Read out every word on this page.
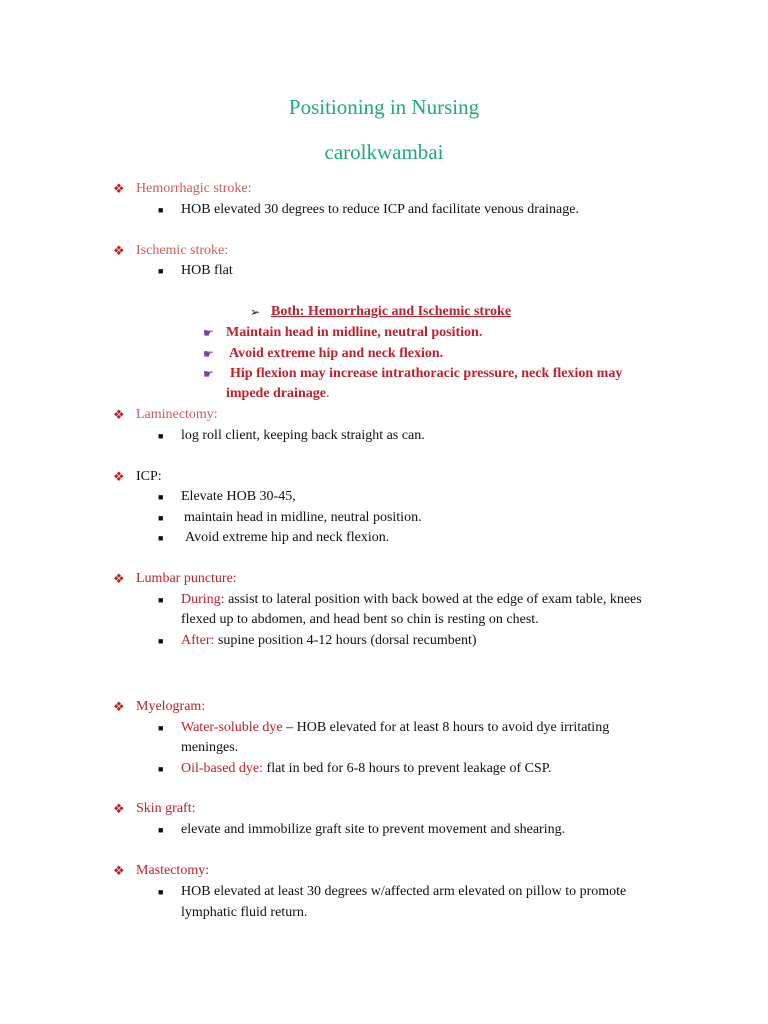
Positioning in Nursing
carolkwambai
❖ Hemorrhagic stroke:
■ HOB elevated 30 degrees to reduce ICP and facilitate venous drainage.
❖ Ischemic stroke:
■ HOB flat
➢ Both: Hemorrhagic and Ischemic stroke
☛ Maintain head in midline, neutral position.
☛ Avoid extreme hip and neck flexion.
☛ Hip flexion may increase intrathoracic pressure, neck flexion may
impede drainage.
❖ Laminectomy:
■ log roll client, keeping back straight as can.
❖ ICP:
■ Elevate HOB 30-45,
■ maintain head in midline, neutral position.
■ Avoid extreme hip and neck flexion.
❖ Lumbar puncture:
■ During: assist to lateral position with back bowed at the edge of exam table, knees
flexed up to abdomen, and head bent so chin is resting on chest.
■ After: supine position 4-12 hours (dorsal recumbent)
❖ Myelogram:
■ Water-soluble dye – HOB elevated for at least 8 hours to avoid dye irritating
meninges.
■ Oil-based dye: flat in bed for 6-8 hours to prevent leakage of CSP.
❖ Skin graft:
■ elevate and immobilize graft site to prevent movement and shearing.
❖ Mastectomy:
■ HOB elevated at least 30 degrees w/affected arm elevated on pillow to promote
lymphatic fluid return.
